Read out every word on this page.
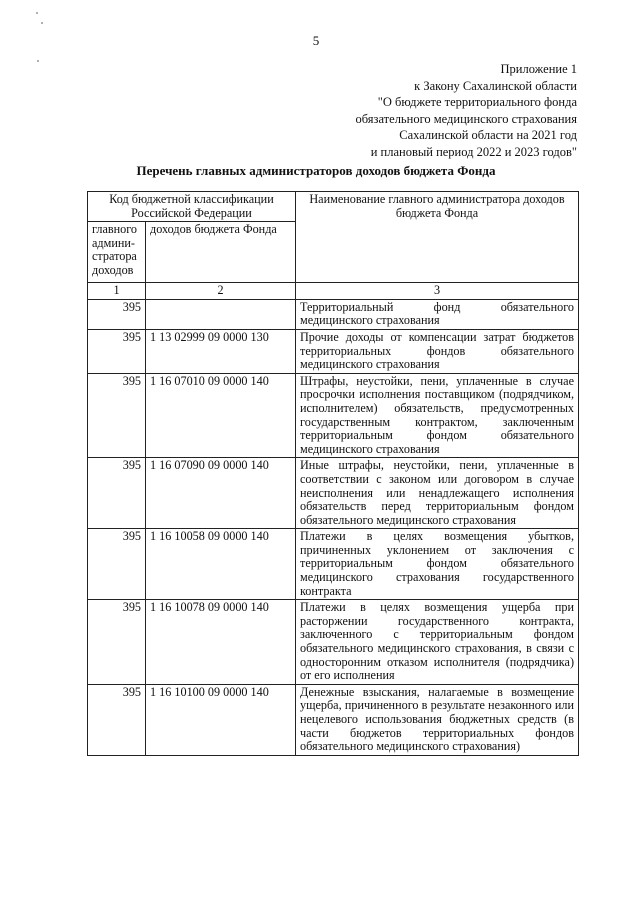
5
Приложение 1
к Закону Сахалинской области
"О бюджете территориального фонда
обязательного медицинского страхования
Сахалинской области на 2021 год
и плановый период 2022 и 2023 годов"
Перечень главных администраторов доходов бюджета Фонда
Код бюджетной классификации Российской Федерации		Наименование главного администратора доходов бюджета Фонда
главного админи-стратора доходов	доходов бюджета Фонда	
1	2	3
395		Территориальный фонд обязательного медицинского страхования
395	1 13 02999 09 0000 130	Прочие доходы от компенсации затрат бюджетов территориальных фондов обязательного медицинского страхования
395	1 16 07010 09 0000 140	Штрафы, неустойки, пени, уплаченные в случае просрочки исполнения поставщиком (подрядчиком, исполнителем) обязательств, предусмотренных государственным контрактом, заключенным территориальным фондом обязательного медицинского страхования
395	1 16 07090 09 0000 140	Иные штрафы, неустойки, пени, уплаченные в соответствии с законом или договором в случае неисполнения или ненадлежащего исполнения обязательств перед территориальным фондом обязательного медицинского страхования
395	1 16 10058 09 0000 140	Платежи в целях возмещения убытков, причиненных уклонением от заключения с территориальным фондом обязательного медицинского страхования государственного контракта
395	1 16 10078 09 0000 140	Платежи в целях возмещения ущерба при расторжении государственного контракта, заключенного с территориальным фондом обязательного медицинского страхования, в связи с односторонним отказом исполнителя (подрядчика) от его исполнения
395	1 16 10100 09 0000 140	Денежные взыскания, налагаемые в возмещение ущерба, причиненного в результате незаконного или нецелевого использования бюджетных средств (в части бюджетов территориальных фондов обязательного медицинского страхования)
